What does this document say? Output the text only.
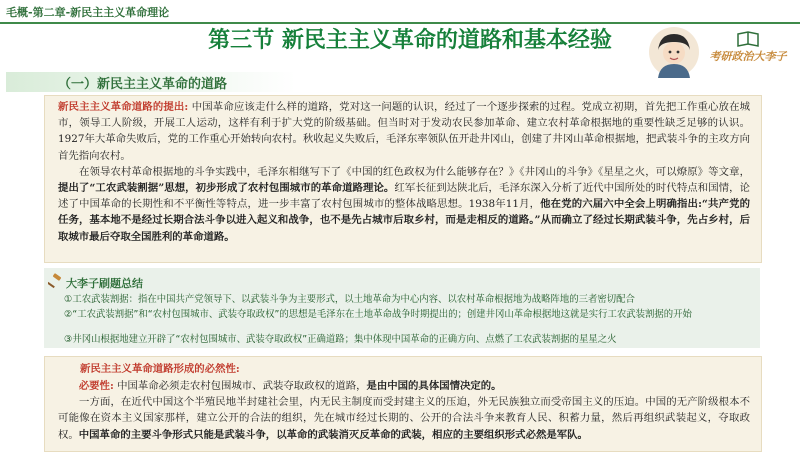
毛概-第二章-新民主主义革命理论
第三节 新民主主义革命的道路和基本经验
考研政治大李子
（一）新民主主义革命的道路

新民主主义革命道路的提出: 中国革命应该走什么样的道路，党对这一问题的认识，经过了一个逐步探索的过程。党成立初期，首先把工作重心放在城市，领导工人阶级，开展工人运动，这样有利于扩大党的阶级基础。但当时对于发动农民参加革命、建立农村革命根据地的重要性缺乏足够的认识。1927年大革命失败后，党的工作重心开始转向农村。秋收起义失败后，毛泽东率领队伍开赴井冈山，创建了井冈山革命根据地，把武装斗争的主攻方向首先指向农村。
　　在领导农村革命根据地的斗争实践中，毛泽东相继写下了《中国的红色政权为什么能够存在？》《井冈山的斗争》《星星之火，可以燎原》等文章，提出了“工农武装割据”思想，初步形成了农村包围城市的革命道路理论。红军长征到达陕北后，毛泽东深入分析了近代中国所处的时代特点和国情，论述了中国革命的长期性和不平衡性等特点，进一步丰富了农村包围城市的整体战略思想。1938年11月，他在党的六届六中全会上明确指出:“共产党的任务，基本地不是经过长期合法斗争以进入起义和战争，也不是先占城市后取乡村，而是走相反的道路。”从而确立了经过长期武装斗争，先占乡村，后取城市最后夺取全国胜利的革命道路。

大李子刷题总结

①工农武装割据：指在中国共产党领导下、以武装斗争为主要形式，以土地革命为中心内容、以农村革命根据地为战略阵地的三者密切配合

②“工农武装割据”和“农村包围城市、武装夺取政权”的思想是毛泽东在土地革命战争时期提出的；创建井冈山革命根据地这就是实行工农武装割据的开始

③井冈山根据地建立开辟了“农村包围城市、武装夺取政权”正确道路；集中体现中国革命的正确方向、点燃了工农武装割据的星星之火

新民主主义革命道路形成的必然性:

　　必要性: 中国革命必须走农村包围城市、武装夺取政权的道路，是由中国的具体国情决定的。
　　一方面，在近代中国这个半殖民地半封建社会里，内无民主制度而受封建主义的压迫，外无民族独立而受帝国主义的压迫。中国的无产阶级根本不可能像在资本主义国家那样，建立公开的合法的组织，先在城市经过长期的、公开的合法斗争来教育人民、积蓄力量，然后再组织武装起义，夺取政权。中国革命的主要斗争形式只能是武装斗争，以革命的武装消灭反革命的武装，相应的主要组织形式必然是军队。
